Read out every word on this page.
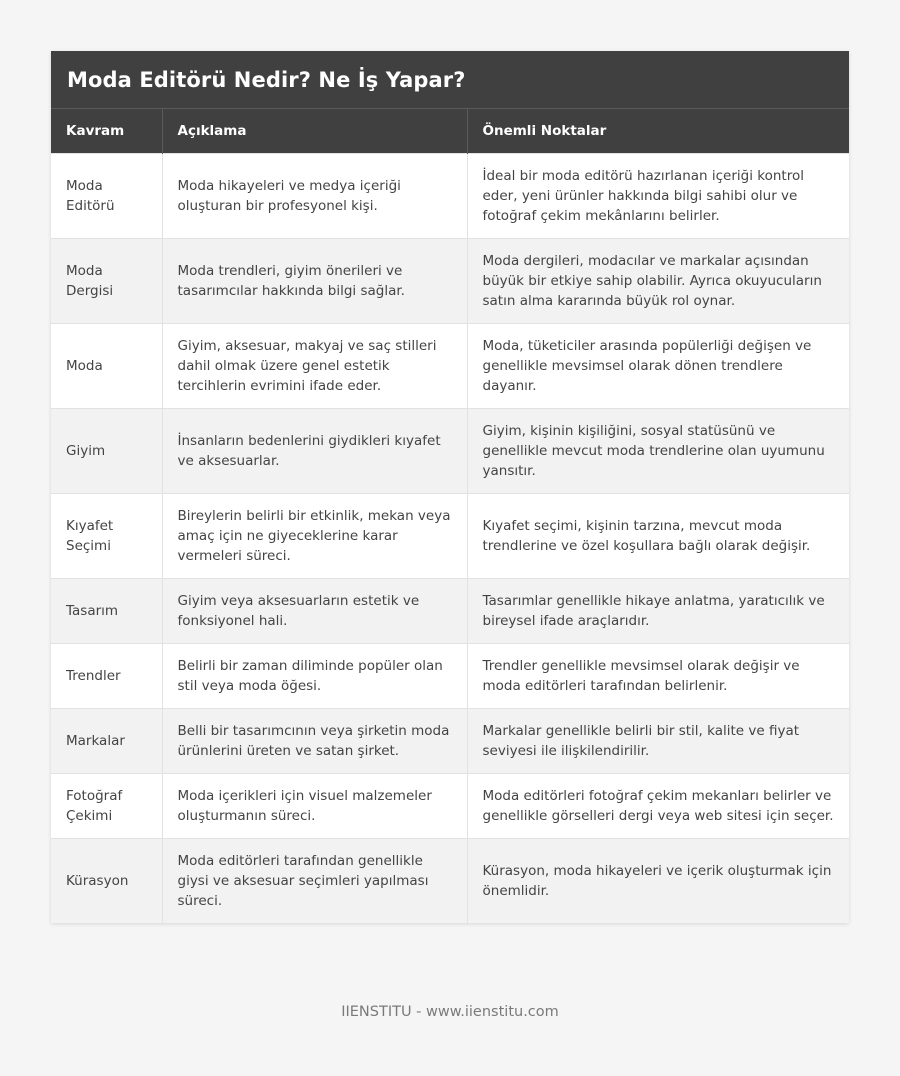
Moda Editörü Nedir? Ne İş Yapar?
Kavram	Açıklama	Önemli Noktalar
Moda Editörü	Moda hikayeleri ve medya içeriği oluşturan bir profesyonel kişi.	İdeal bir moda editörü hazırlanan içeriği kontrol eder, yeni ürünler hakkında bilgi sahibi olur ve fotoğraf çekim mekânlarını belirler.
Moda Dergisi	Moda trendleri, giyim önerileri ve tasarımcılar hakkında bilgi sağlar.	Moda dergileri, modacılar ve markalar açısından büyük bir etkiye sahip olabilir. Ayrıca okuyucuların satın alma kararında büyük rol oynar.
Moda	Giyim, aksesuar, makyaj ve saç stilleri dahil olmak üzere genel estetik tercihlerin evrimini ifade eder.	Moda, tüketiciler arasında popülerliği değişen ve genellikle mevsimsel olarak dönen trendlere dayanır.
Giyim	İnsanların bedenlerini giydikleri kıyafet ve aksesuarlar.	Giyim, kişinin kişiliğini, sosyal statüsünü ve genellikle mevcut moda trendlerine olan uyumunu yansıtır.
Kıyafet Seçimi	Bireylerin belirli bir etkinlik, mekan veya amaç için ne giyeceklerine karar vermeleri süreci.	Kıyafet seçimi, kişinin tarzına, mevcut moda trendlerine ve özel koşullara bağlı olarak değişir.
Tasarım	Giyim veya aksesuarların estetik ve fonksiyonel hali.	Tasarımlar genellikle hikaye anlatma, yaratıcılık ve bireysel ifade araçlarıdır.
Trendler	Belirli bir zaman diliminde popüler olan stil veya moda öğesi.	Trendler genellikle mevsimsel olarak değişir ve moda editörleri tarafından belirlenir.
Markalar	Belli bir tasarımcının veya şirketin moda ürünlerini üreten ve satan şirket.	Markalar genellikle belirli bir stil, kalite ve fiyat seviyesi ile ilişkilendirilir.
Fotoğraf Çekimi	Moda içerikleri için visuel malzemeler oluşturmanın süreci.	Moda editörleri fotoğraf çekim mekanları belirler ve genellikle görselleri dergi veya web sitesi için seçer.
Kürasyon	Moda editörleri tarafından genellikle giysi ve aksesuar seçimleri yapılması süreci.	Kürasyon, moda hikayeleri ve içerik oluşturmak için önemlidir.
IIENSTITU - www.iienstitu.com
